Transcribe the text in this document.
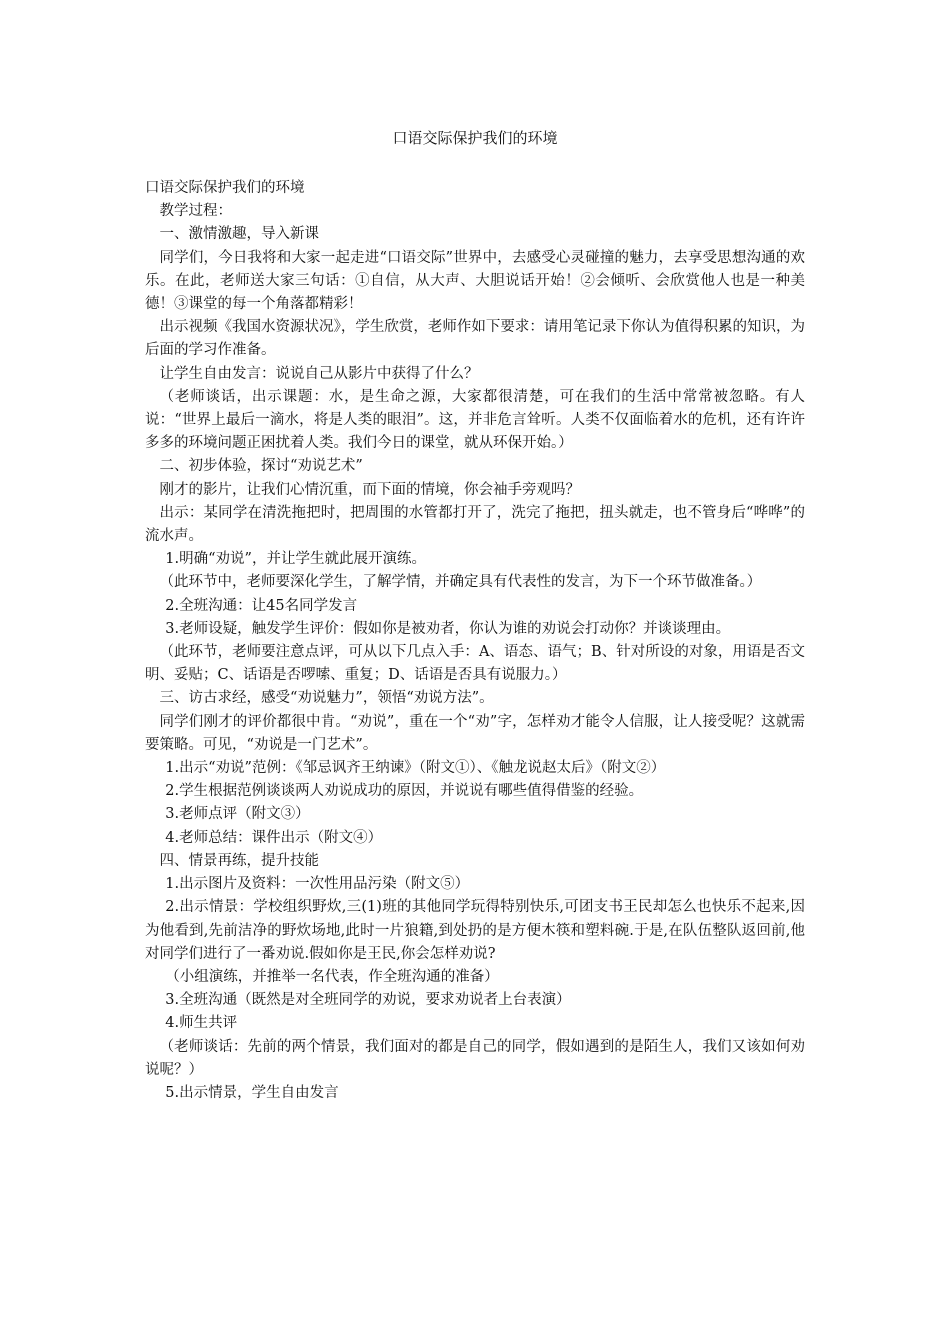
口语交际保护我们的环境

口语交际保护我们的环境

教学过程：

一、激情激趣，导入新课

同学们，今日我将和大家一起走进“口语交际”世界中，去感受心灵碰撞的魅力，去享受思想沟通的欢乐。在此，老师送大家三句话：①自信，从大声、大胆说话开始！②会倾听、会欣赏他人也是一种美德！③课堂的每一个角落都精彩！

出示视频《我国水资源状况》，学生欣赏，老师作如下要求：请用笔记录下你认为值得积累的知识，为后面的学习作准备。

让学生自由发言：说说自己从影片中获得了什么？

（老师谈话，出示课题：水，是生命之源，大家都很清楚，可在我们的生活中常常被忽略。有人说：“世界上最后一滴水，将是人类的眼泪”。这，并非危言耸听。人类不仅面临着水的危机，还有许许多多的环境问题正困扰着人类。我们今日的课堂，就从环保开始。）

二、初步体验，探讨“劝说艺术”

刚才的影片，让我们心情沉重，而下面的情境，你会袖手旁观吗？

出示：某同学在清洗拖把时，把周围的水管都打开了，洗完了拖把，扭头就走，也不管身后“哗哗”的流水声。

1.明确“劝说”，并让学生就此展开演练。

（此环节中，老师要深化学生，了解学情，并确定具有代表性的发言，为下一个环节做准备。）

2.全班沟通：让45名同学发言

3.老师设疑，触发学生评价：假如你是被劝者，你认为谁的劝说会打动你？并谈谈理由。

（此环节，老师要注意点评，可从以下几点入手：A、语态、语气；B、针对所设的对象，用语是否文明、妥贴；C、话语是否啰嗦、重复；D、话语是否具有说服力。）

三、访古求经，感受“劝说魅力”，领悟“劝说方法”。

同学们刚才的评价都很中肯。“劝说”，重在一个“劝”字，怎样劝才能令人信服，让人接受呢？这就需要策略。可见，“劝说是一门艺术”。

1.出示“劝说”范例：《邹忌讽齐王纳谏》（附文①）、《触龙说赵太后》（附文②）

2.学生根据范例谈谈两人劝说成功的原因，并说说有哪些值得借鉴的经验。

3.老师点评（附文③）

4.老师总结：课件出示（附文④）

四、情景再练，提升技能

1.出示图片及资料：一次性用品污染（附文⑤）

2.出示情景：学校组织野炊,三(1)班的其他同学玩得特别快乐,可团支书王民却怎么也快乐不起来,因为他看到,先前洁净的野炊场地,此时一片狼籍,到处扔的是方便木筷和塑料碗.于是,在队伍整队返回前,他对同学们进行了一番劝说.假如你是王民,你会怎样劝说?

（小组演练，并推举一名代表，作全班沟通的准备）

3.全班沟通（既然是对全班同学的劝说，要求劝说者上台表演）

4.师生共评

（老师谈话：先前的两个情景，我们面对的都是自己的同学，假如遇到的是陌生人，我们又该如何劝说呢？）

5.出示情景，学生自由发言
